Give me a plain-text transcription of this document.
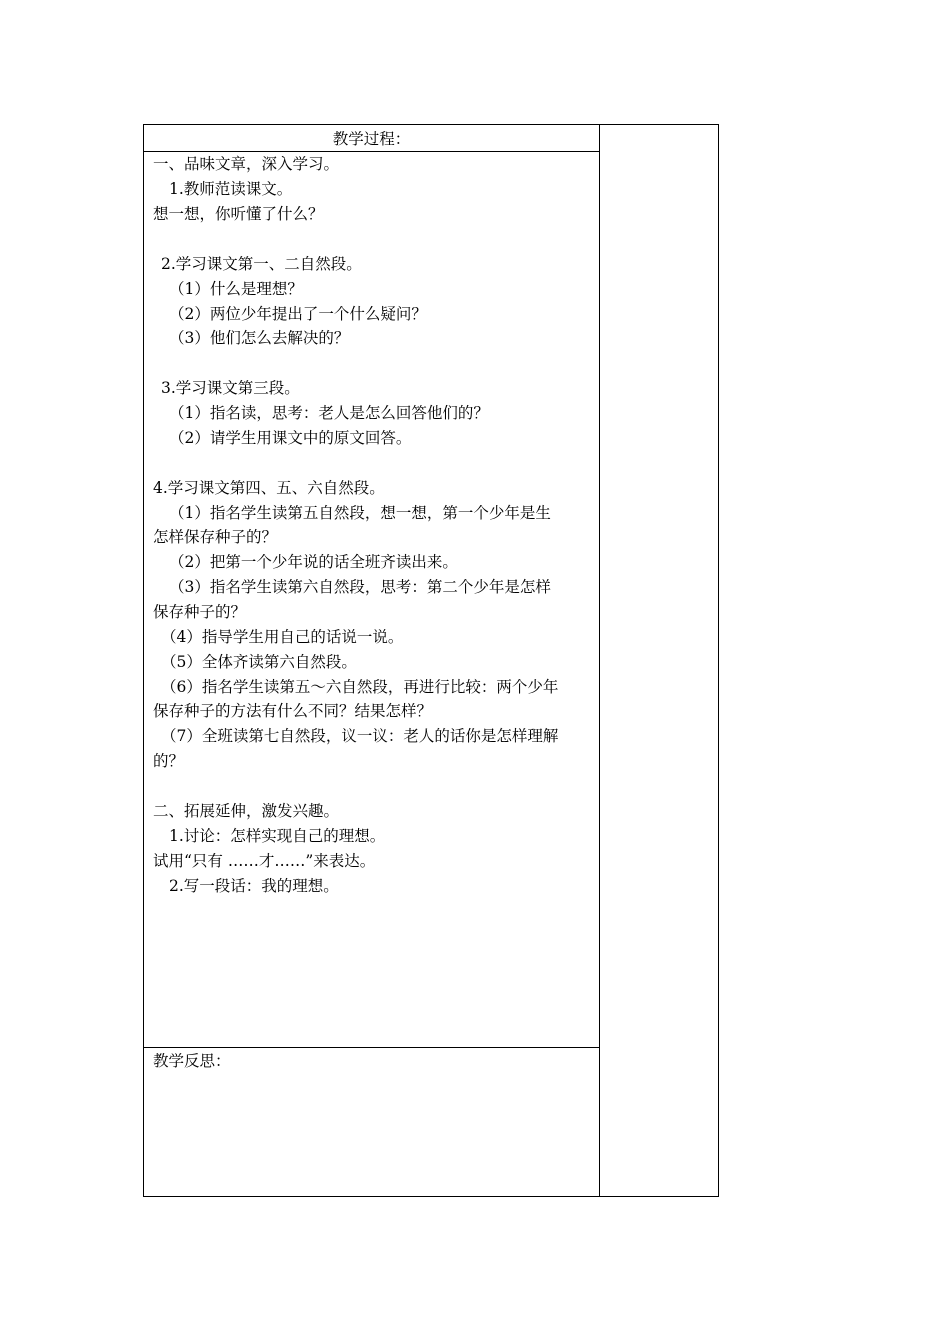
教学过程：
一、品味文章，深入学习。
1.教师范读课文。
想一想，你听懂了什么？
2.学习课文第一、二自然段。
（1）什么是理想？
（2）两位少年提出了一个什么疑问？
（3）他们怎么去解决的？
3.学习课文第三段。
（1）指名读，思考：老人是怎么回答他们的？
（2）请学生用课文中的原文回答。
4.学习课文第四、五、六自然段。
（1）指名学生读第五自然段，想一想，第一个少年是生
怎样保存种子的？
（2）把第一个少年说的话全班齐读出来。
（3）指名学生读第六自然段，思考：第二个少年是怎样
保存种子的？
（4）指导学生用自己的话说一说。
（5）全体齐读第六自然段。
（6）指名学生读第五～六自然段，再进行比较：两个少年
保存种子的方法有什么不同？结果怎样？
（7）全班读第七自然段，议一议：老人的话你是怎样理解
的？
二、拓展延伸，激发兴趣。
1.讨论：怎样实现自己的理想。
试用“只有 ……才……”来表达。
2.写一段话：我的理想。
教学反思：
